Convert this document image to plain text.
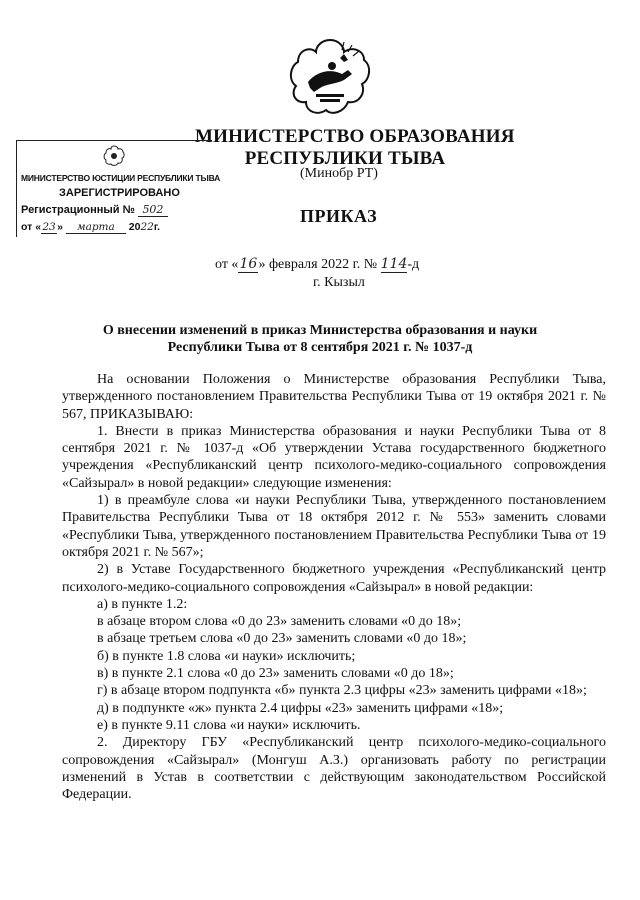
МИНИСТЕРСТВО ОБРАЗОВАНИЯ
РЕСПУБЛИКИ ТЫВА
(Минобр РТ)
МИНИСТЕРСТВО ЮСТИЦИИ РЕСПУБЛИКИ ТЫВА
ЗАРЕГИСТРИРОВАНО
Регистрационный № 502
от «23» марта 2022г.
ПРИКАЗ
от «16» февраля 2022 г. № 114-д
г. Кызыл
О внесении изменений в приказ Министерства образования и науки
Республики Тыва от 8 сентября 2021 г. № 1037-д

На основании Положения о Министерстве образования Республики Тыва, утвержденного постановлением Правительства Республики Тыва от 19 октября 2021 г. № 567, ПРИКАЗЫВАЮ:

1. Внести в приказ Министерства образования и науки Республики Тыва от 8 сентября 2021 г. № 1037-д «Об утверждении Устава государственного бюджетного учреждения «Республиканский центр психолого-медико-социального сопровождения «Сайзырал» в новой редакции» следующие изменения:

1) в преамбуле слова «и науки Республики Тыва, утвержденного постановлением Правительства Республики Тыва от 18 октября 2012 г. № 553» заменить словами «Республики Тыва, утвержденного постановлением Правительства Республики Тыва от 19 октября 2021 г. № 567»;

2) в Уставе Государственного бюджетного учреждения «Республиканский центр психолого-медико-социального сопровождения «Сайзырал» в новой редакции:

а) в пункте 1.2:

в абзаце втором слова «0 до 23» заменить словами «0 до 18»;

в абзаце третьем слова «0 до 23» заменить словами «0 до 18»;

б) в пункте 1.8 слова «и науки» исключить;

в) в пункте 2.1 слова «0 до 23» заменить словами «0 до 18»;

г) в абзаце втором подпункта «б» пункта 2.3 цифры «23» заменить цифрами «18»;

д) в подпункте «ж» пункта 2.4 цифры «23» заменить цифрами «18»;

е) в пункте 9.11 слова «и науки» исключить.

2. Директору ГБУ «Республиканский центр психолого-медико-социального сопровождения «Сайзырал» (Монгуш А.З.) организовать работу по регистрации изменений в Устав в соответствии с действующим законодательством Российской Федерации.
